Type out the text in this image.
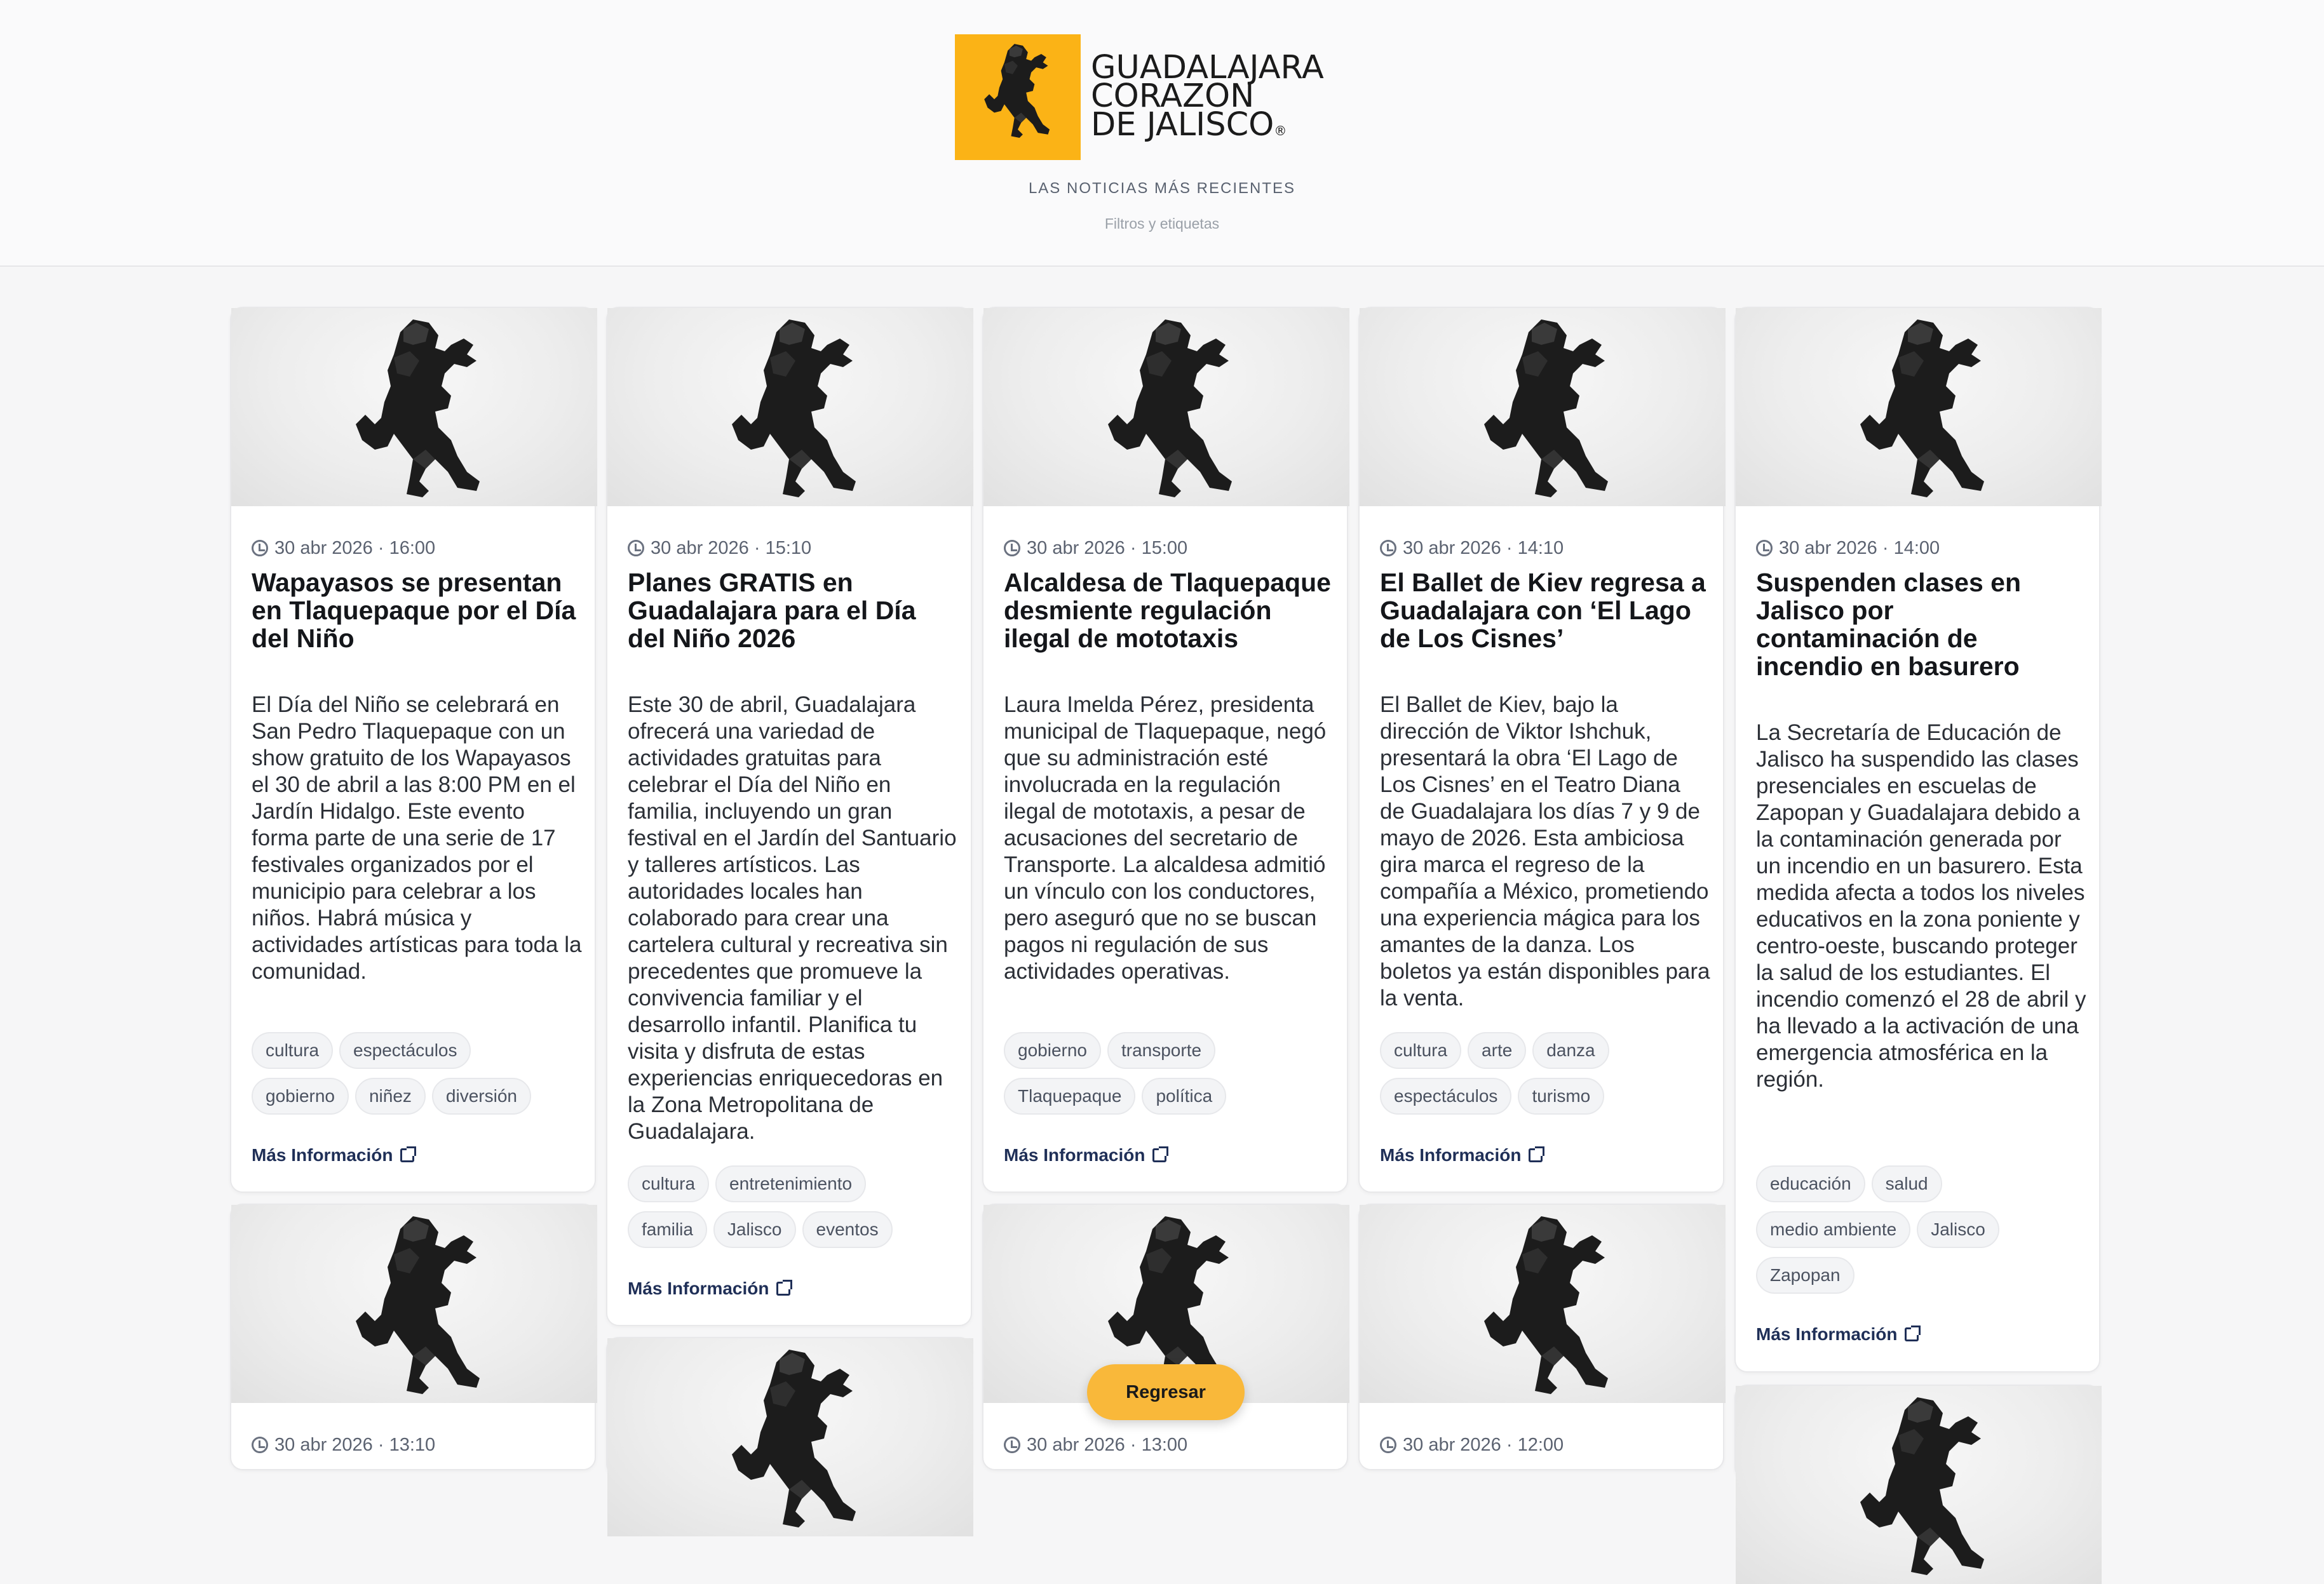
GUADALAJARA
CORAZON
DE JALISCO®
LAS NOTICIAS MÁS RECIENTES
Filtros y etiquetas
30 abr 2026 · 16:00
Wapayasos se presentan en Tlaquepaque por el Día del Niño
El Día del Niño se celebrará en San Pedro Tlaquepaque con un show gratuito de los Wapayasos el 30 de abril a las 8:00 PM en el Jardín Hidalgo. Este evento forma parte de una serie de 17 festivales organizados por el municipio para celebrar a los niños. Habrá música y actividades artísticas para toda la comunidad.
cultura espectáculos
gobierno niñez diversión
Más Información
30 abr 2026 · 15:10
Planes GRATIS en Guadalajara para el Día del Niño 2026
Este 30 de abril, Guadalajara ofrecerá una variedad de actividades gratuitas para celebrar el Día del Niño en familia, incluyendo un gran festival en el Jardín del Santuario y talleres artísticos. Las autoridades locales han colaborado para crear una cartelera cultural y recreativa sin precedentes que promueve la convivencia familiar y el desarrollo infantil. Planifica tu visita y disfruta de estas experiencias enriquecedoras en la Zona Metropolitana de Guadalajara.
cultura entretenimiento
familia Jalisco eventos
Más Información
30 abr 2026 · 15:00
Alcaldesa de Tlaquepaque desmiente regulación ilegal de mototaxis
Laura Imelda Pérez, presidenta municipal de Tlaquepaque, negó que su administración esté involucrada en la regulación ilegal de mototaxis, a pesar de acusaciones del secretario de Transporte. La alcaldesa admitió un vínculo con los conductores, pero aseguró que no se buscan pagos ni regulación de sus actividades operativas.
gobierno transporte
Tlaquepaque política
Más Información
30 abr 2026 · 14:10
El Ballet de Kiev regresa a Guadalajara con ‘El Lago de Los Cisnes’
El Ballet de Kiev, bajo la dirección de Viktor Ishchuk, presentará la obra ‘El Lago de Los Cisnes’ en el Teatro Diana de Guadalajara los días 7 y 9 de mayo de 2026. Esta ambiciosa gira marca el regreso de la compañía a México, prometiendo una experiencia mágica para los amantes de la danza. Los boletos ya están disponibles para la venta.
cultura arte danza
espectáculos turismo
Más Información
30 abr 2026 · 14:00
Suspenden clases en Jalisco por contaminación de incendio en basurero
La Secretaría de Educación de Jalisco ha suspendido las clases presenciales en escuelas de Zapopan y Guadalajara debido a la contaminación generada por un incendio en un basurero. Esta medida afecta a todos los niveles educativos en la zona poniente y centro-oeste, buscando proteger la salud de los estudiantes. El incendio comenzó el 28 de abril y ha llevado a la activación de una emergencia atmosférica en la región.
educación salud
medio ambiente Jalisco
Zapopan
Más Información
30 abr 2026 · 13:10	30 abr 2026 · 13:00	30 abr 2026 · 12:00
Regresar
